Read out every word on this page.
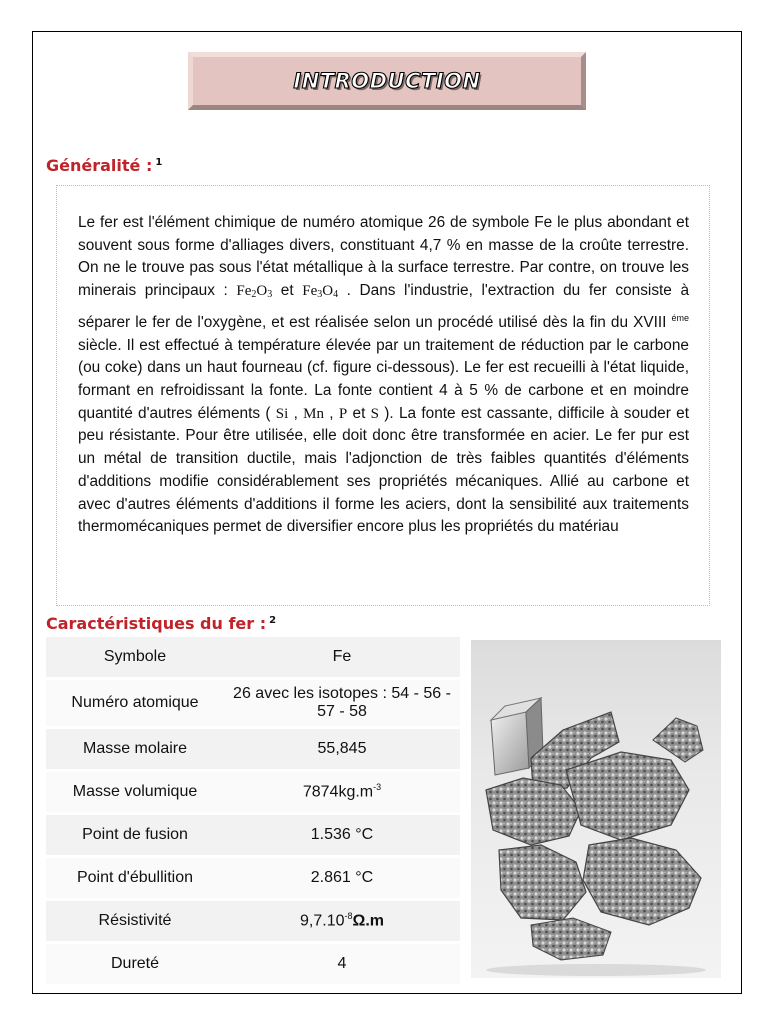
INTRODUCTION
Généralité : $^1$

Le fer est l'élément chimique de numéro atomique 26 de symbole Fe le plus abondant et souvent sous forme d'alliages divers, constituant 4,7 % en masse de la croûte terrestre. On ne le trouve pas sous l'état métallique à la surface terrestre. Par contre, on trouve les minerais principaux : $Fe_2O_3$ et $Fe_3O_4$ . Dans l'industrie, l'extraction du fer consiste à séparer le fer de l'oxygène, et est réalisée selon un procédé utilisé dès la fin du XVIII $^{éme}$ siècle. Il est effectué à température élevée par un traitement de réduction par le carbone (ou coke) dans un haut fourneau (cf. figure ci-dessous). Le fer est recueilli à l'état liquide, formant en refroidissant la fonte. La fonte contient 4 à 5 % de carbone et en moindre quantité d'autres éléments ( Si , Mn , P et S ). La fonte est cassante, difficile à souder et peu résistante. Pour être utilisée, elle doit donc être transformée en acier. Le fer pur est un métal de transition ductile, mais l'adjonction de très faibles quantités d'éléments d'additions modifie considérablement ses propriétés mécaniques. Allié au carbone et avec d'autres éléments d'additions il forme les aciers, dont la sensibilité aux traitements thermomécaniques permet de diversifier encore plus les propriétés du matériau

Caractéristiques du fer : $^2$
Symbole	Fe
Numéro atomique	26 avec les isotopes : 54 - 56 - 57 - 58
Masse molaire	55,845
Masse volumique	$7874kg.m^{-3}$
Point de fusion	1.536 °C
Point d'ébullition	2.861 °C
Résistivité	$9,7.10^{-8}\Omega.m$
Dureté	4
